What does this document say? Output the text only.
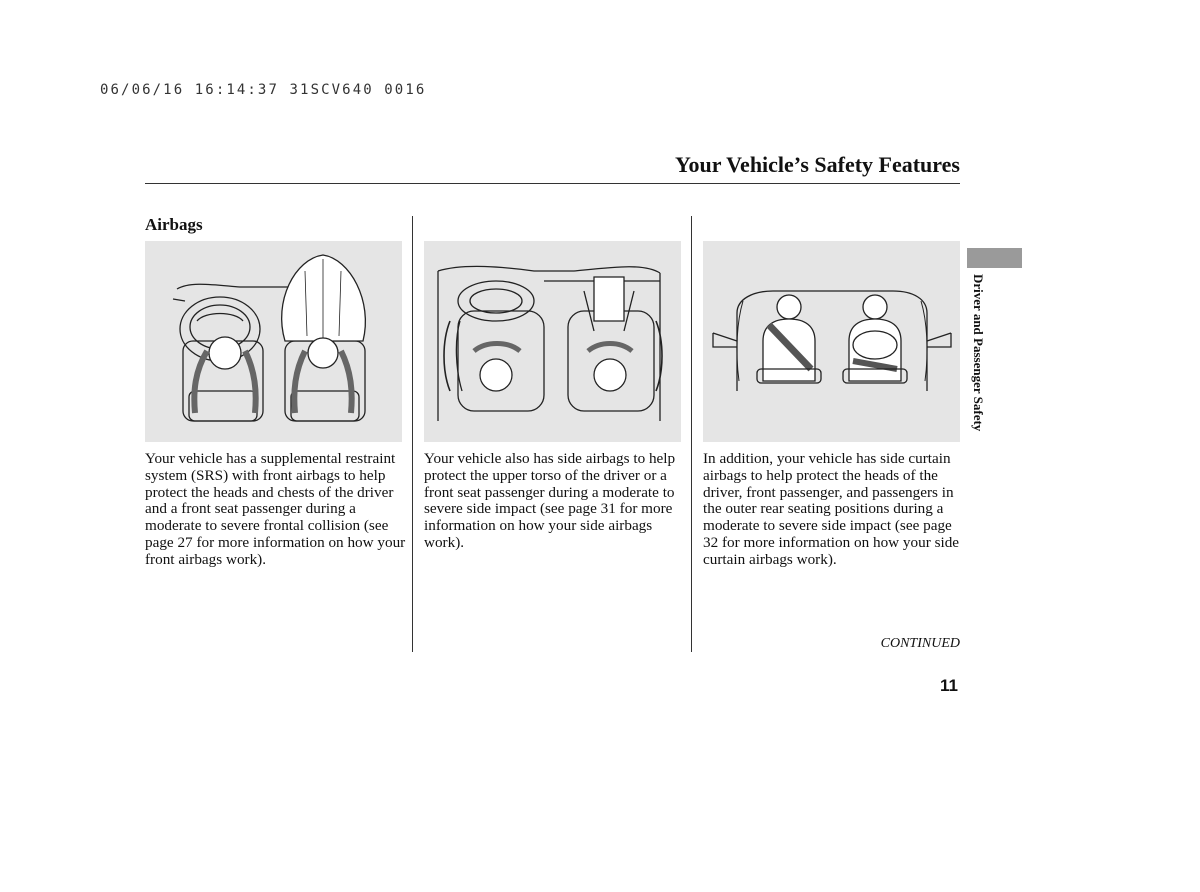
06/06/16 16:14:37 31SCV640 0016
Your Vehicle’s Safety Features
Airbags

Your vehicle has a supplemental restraint system (SRS) with front airbags to help protect the heads and chests of the driver and a front seat passenger during a moderate to severe frontal collision (see page 27 for more information on how your front airbags work).

Your vehicle also has side airbags to help protect the upper torso of the driver or a front seat passenger during a moderate to severe side impact (see page 31 for more information on how your side airbags work).

In addition, your vehicle has side curtain airbags to help protect the heads of the driver, front passenger, and passengers in the outer rear seating positions during a moderate to severe side impact (see page 32 for more information on how your side curtain airbags work).

CONTINUED
11
Driver and Passenger Safety
